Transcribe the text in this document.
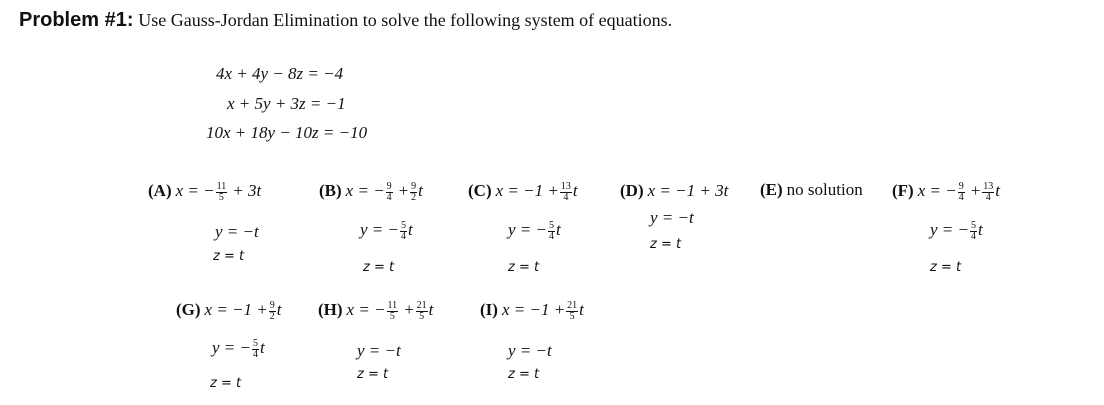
Problem #1: Use Gauss-Jordan Elimination to solve the following system of equations.
4x + 4y − 8z = −4
x + 5y + 3z = −1
10x + 18y − 10z = −10
(A) x = − $\frac{11}{5} + 3t$
y = −t
z = t
(B) x = − $\frac{9}{4} + \frac{9}{2}$ t
y = − $\frac{5}{4}$ t
z = t
(C) $x = -1 + \frac{13}{4}$ t
y = − $\frac{5}{4}$ t
z = t
(D) x = −1 + 3t
y = −t
z = t
(E) no solution (F) x = − $\frac{9}{4} + \frac{13}{4}$ t
y = − $\frac{5}{4}$ t
z = t
(G) $x = -1 + \frac{9}{2}$ t
y = − $\frac{5}{4}$ t
z = t
(H) x = − $\frac{11}{5} + \frac{21}{5}$ t
y = −t
z = t
(I) $x = -1 + \frac{21}{5}$ t
y = −t
z = t
